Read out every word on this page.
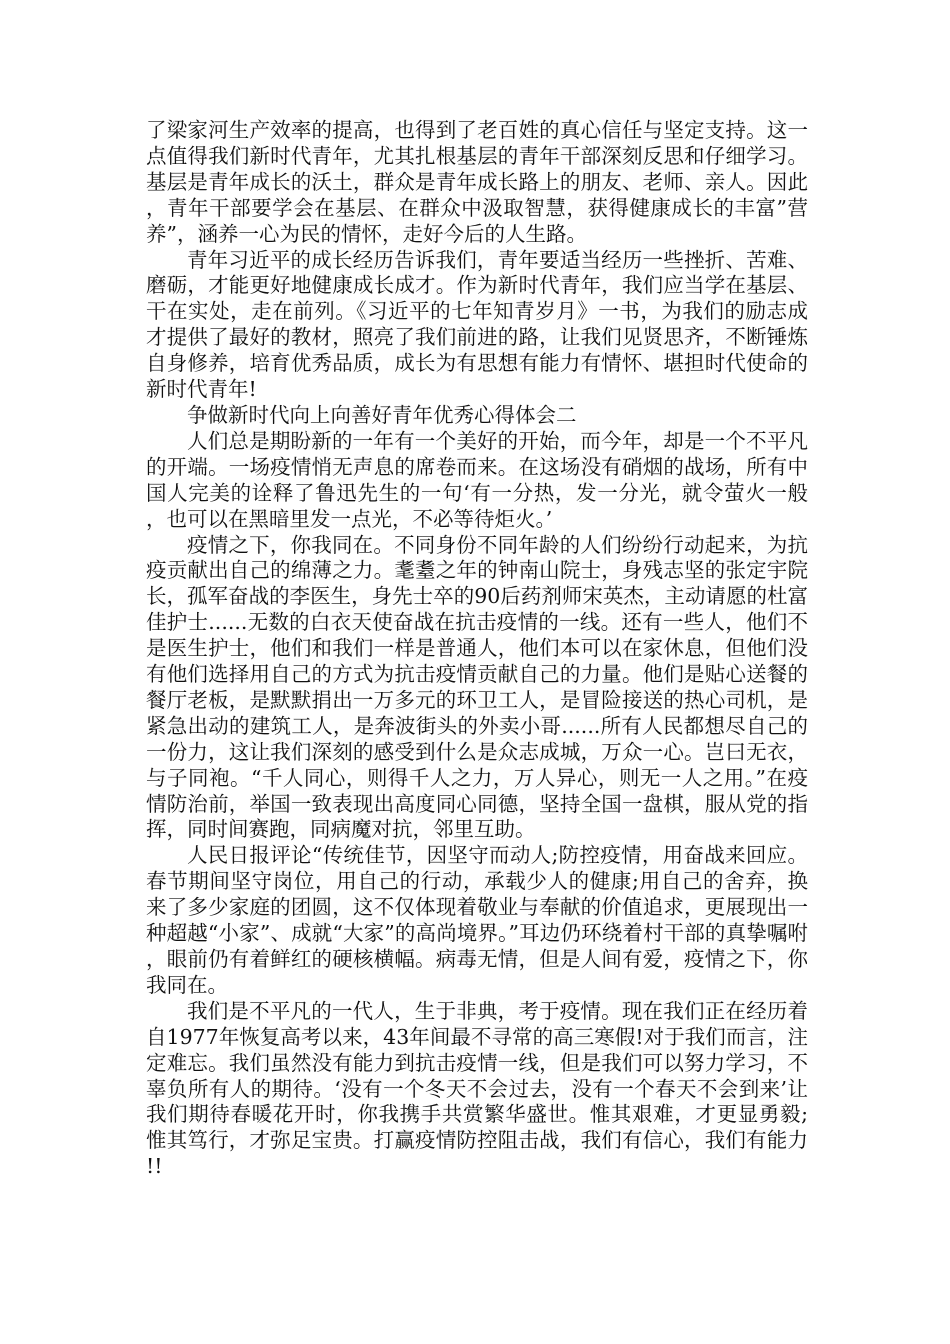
了梁家河生产效率的提高，也得到了老百姓的真心信任与坚定支持。这一点值得我们新时代青年，尤其扎根基层的青年干部深刻反思和仔细学习。基层是青年成长的沃土，群众是青年成长路上的朋友、老师、亲人。因此，青年干部要学会在基层、在群众中汲取智慧，获得健康成长的丰富”营养”，涵养一心为民的情怀，走好今后的人生路。

青年习近平的成长经历告诉我们，青年要适当经历一些挫折、苦难、磨砺，才能更好地健康成长成才。作为新时代青年，我们应当学在基层、干在实处，走在前列。《习近平的七年知青岁月》一书，为我们的励志成才提供了最好的教材，照亮了我们前进的路，让我们见贤思齐，不断锤炼自身修养，培育优秀品质，成长为有思想有能力有情怀、堪担时代使命的新时代青年!

争做新时代向上向善好青年优秀心得体会二

人们总是期盼新的一年有一个美好的开始，而今年，却是一个不平凡的开端。一场疫情悄无声息的席卷而来。在这场没有硝烟的战场，所有中国人完美的诠释了鲁迅先生的一句‘有一分热，发一分光，就令萤火一般，也可以在黑暗里发一点光，不必等待炬火。’

疫情之下，你我同在。不同身份不同年龄的人们纷纷行动起来，为抗疫贡献出自己的绵薄之力。耄耋之年的钟南山院士，身残志坚的张定宇院长，孤军奋战的李医生，身先士卒的90后药剂师宋英杰，主动请愿的杜富佳护士......无数的白衣天使奋战在抗击疫情的一线。还有一些人，他们不是医生护士，他们和我们一样是普通人，他们本可以在家休息，但他们没有他们选择用自己的方式为抗击疫情贡献自己的力量。他们是贴心送餐的餐厅老板，是默默捐出一万多元的环卫工人，是冒险接送的热心司机，是紧急出动的建筑工人，是奔波街头的外卖小哥......所有人民都想尽自己的一份力，这让我们深刻的感受到什么是众志成城，万众一心。岂曰无衣，与子同袍。“千人同心，则得千人之力，万人异心，则无一人之用。”在疫情防治前，举国一致表现出高度同心同德，坚持全国一盘棋，服从党的指挥，同时间赛跑，同病魔对抗，邻里互助。

人民日报评论“传统佳节，因坚守而动人;防控疫情，用奋战来回应。春节期间坚守岗位，用自己的行动，承载少人的健康;用自己的舍弃，换来了多少家庭的团圆，这不仅体现着敬业与奉献的价值追求，更展现出一种超越“小家”、成就“大家”的高尚境界。”耳边仍环绕着村干部的真挚嘱咐，眼前仍有着鲜红的硬核横幅。病毒无情，但是人间有爱，疫情之下，你我同在。

我们是不平凡的一代人，生于非典，考于疫情。现在我们正在经历着自1977年恢复高考以来，43年间最不寻常的高三寒假!对于我们而言，注定难忘。我们虽然没有能力到抗击疫情一线，但是我们可以努力学习，不辜负所有人的期待。‘没有一个冬天不会过去，没有一个春天不会到来’让我们期待春暖花开时，你我携手共赏繁华盛世。惟其艰难，才更显勇毅;惟其笃行，才弥足宝贵。打赢疫情防控阻击战，我们有信心，我们有能力!!
